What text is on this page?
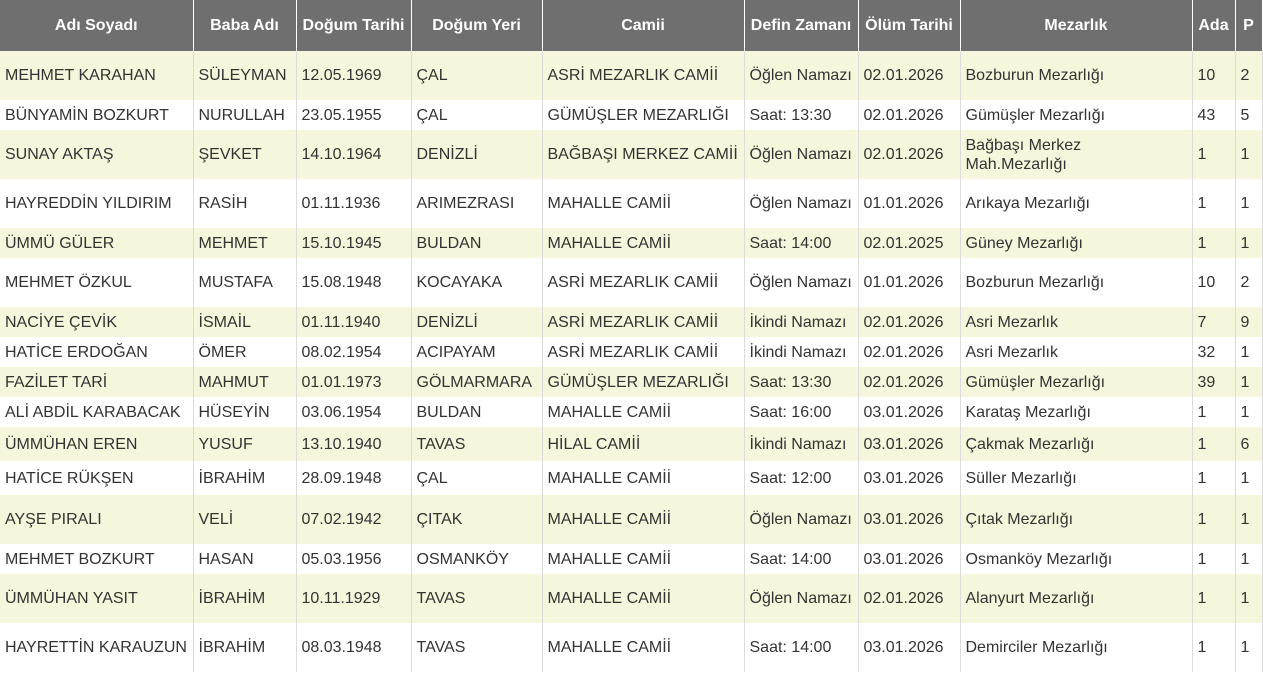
Adı Soyadı	Baba Adı	Doğum Tarihi	Doğum Yeri	Camii	Defin Zamanı	Ölüm Tarihi	Mezarlık	Ada	P
MEHMET KARAHAN	SÜLEYMAN	12.05.1969	ÇAL	ASRİ MEZARLIK CAMİİ	Öğlen Namazı	02.01.2026	Bozburun Mezarlığı	10	2
BÜNYAMİN BOZKURT	NURULLAH	23.05.1955	ÇAL	GÜMÜŞLER MEZARLIĞI	Saat: 13:30	02.01.2026	Gümüşler Mezarlığı	43	5
SUNAY AKTAŞ	ŞEVKET	14.10.1964	DENİZLİ	BAĞBAŞI MERKEZ CAMİİ	Öğlen Namazı	02.01.2026	Bağbaşı Merkez Mah.Mezarlığı	1	1
HAYREDDİN YILDIRIM	RASİH	01.11.1936	ARIMEZRASI	MAHALLE CAMİİ	Öğlen Namazı	01.01.2026	Arıkaya Mezarlığı	1	1
ÜMMÜ GÜLER	MEHMET	15.10.1945	BULDAN	MAHALLE CAMİİ	Saat: 14:00	02.01.2025	Güney Mezarlığı	1	1
MEHMET ÖZKUL	MUSTAFA	15.08.1948	KOCAYAKA	ASRİ MEZARLIK CAMİİ	Öğlen Namazı	01.01.2026	Bozburun Mezarlığı	10	2
NACİYE ÇEVİK	İSMAİL	01.11.1940	DENİZLİ	ASRİ MEZARLIK CAMİİ	İkindi Namazı	02.01.2026	Asri Mezarlık	7	9
HATİCE ERDOĞAN	ÖMER	08.02.1954	ACIPAYAM	ASRİ MEZARLIK CAMİİ	İkindi Namazı	02.01.2026	Asri Mezarlık	32	1
FAZİLET TARİ	MAHMUT	01.01.1973	GÖLMARMARA	GÜMÜŞLER MEZARLIĞI	Saat: 13:30	02.01.2026	Gümüşler Mezarlığı	39	1
ALİ ABDİL KARABACAK	HÜSEYİN	03.06.1954	BULDAN	MAHALLE CAMİİ	Saat: 16:00	03.01.2026	Karataş Mezarlığı	1	1
ÜMMÜHAN EREN	YUSUF	13.10.1940	TAVAS	HİLAL CAMİİ	İkindi Namazı	03.01.2026	Çakmak Mezarlığı	1	6
HATİCE RÜKŞEN	İBRAHİM	28.09.1948	ÇAL	MAHALLE CAMİİ	Saat: 12:00	03.01.2026	Süller Mezarlığı	1	1
AYŞE PIRALI	VELİ	07.02.1942	ÇITAK	MAHALLE CAMİİ	Öğlen Namazı	03.01.2026	Çıtak Mezarlığı	1	1
MEHMET BOZKURT	HASAN	05.03.1956	OSMANKÖY	MAHALLE CAMİİ	Saat: 14:00	03.01.2026	Osmanköy Mezarlığı	1	1
ÜMMÜHAN YASIT	İBRAHİM	10.11.1929	TAVAS	MAHALLE CAMİİ	Öğlen Namazı	02.01.2026	Alanyurt Mezarlığı	1	1
HAYRETTİN KARAUZUN	İBRAHİM	08.03.1948	TAVAS	MAHALLE CAMİİ	Saat: 14:00	03.01.2026	Demirciler Mezarlığı	1	1
